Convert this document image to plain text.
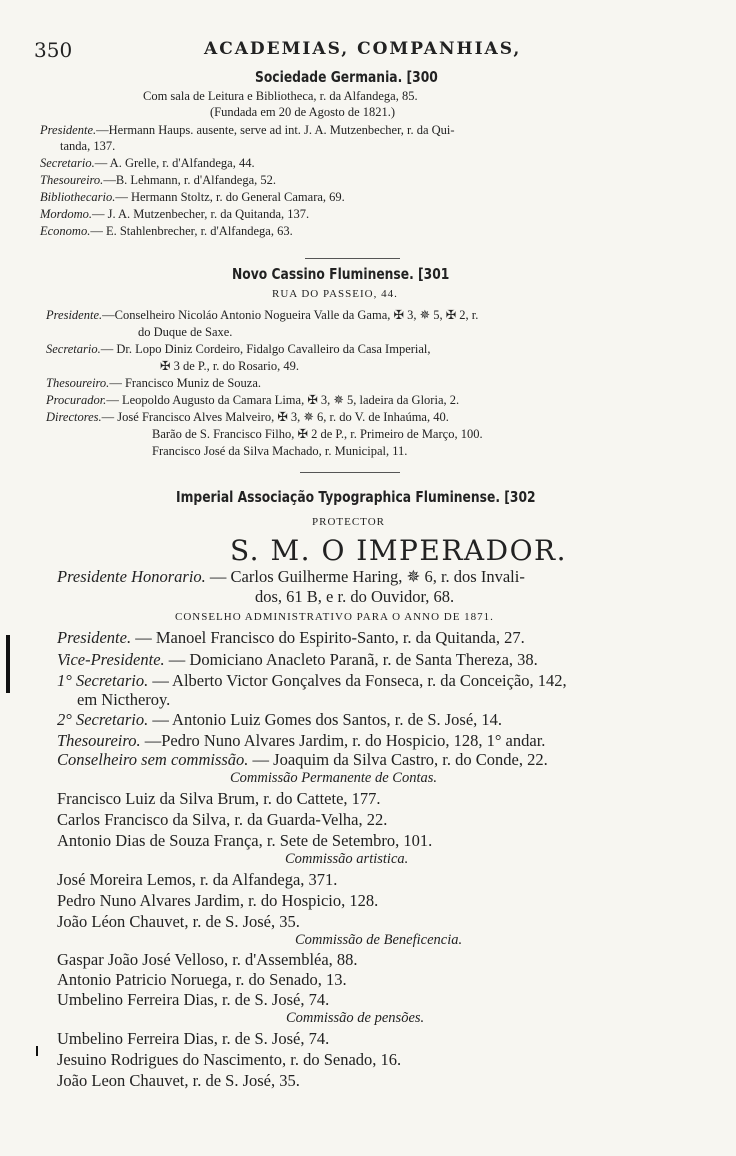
350	ACADEMIAS, COMPANHIAS,
Sociedade Germania. [300
Com sala de Leitura e Bibliotheca, r. da Alfandega, 85.
(Fundada em 20 de Agosto de 1821.)
Presidente.—Hermann Haups. ausente, serve ad int. J. A. Mutzenbecher, r. da Qui-
tanda, 137.
Secretario.— A. Grelle, r. d'Alfandega, 44.
Thesoureiro.—B. Lehmann, r. d'Alfandega, 52.
Bibliothecario.— Hermann Stoltz, r. do General Camara, 69.
Mordomo.— J. A. Mutzenbecher, r. da Quitanda, 137.
Economo.— E. Stahlenbrecher, r. d'Alfandega, 63.
Novo Cassino Fluminense. [301
RUA DO PASSEIO, 44.
Presidente.—Conselheiro Nicoláo Antonio Nogueira Valle da Gama, ✠ 3, ✵ 5, ✠ 2, r.
do Duque de Saxe.
Secretario.— Dr. Lopo Diniz Cordeiro, Fidalgo Cavalleiro da Casa Imperial,
✠ 3 de P., r. do Rosario, 49.
Thesoureiro.— Francisco Muniz de Souza.
Procurador.— Leopoldo Augusto da Camara Lima, ✠ 3, ✵ 5, ladeira da Gloria, 2.
Directores.— José Francisco Alves Malveiro, ✠ 3, ✵ 6, r. do V. de Inhaúma, 40.
Barão de S. Francisco Filho, ✠ 2 de P., r. Primeiro de Março, 100.
Francisco José da Silva Machado, r. Municipal, 11.
Imperial Associação Typographica Fluminense. [302
PROTECTOR
S. M. O IMPERADOR.
Presidente Honorario. — Carlos Guilherme Haring, ✵ 6, r. dos Invali-
dos, 61 B, e r. do Ouvidor, 68.
CONSELHO ADMINISTRATIVO PARA O ANNO DE 1871.
Presidente. — Manoel Francisco do Espirito-Santo, r. da Quitanda, 27.
Vice-Presidente. — Domiciano Anacleto Paranã, r. de Santa Thereza, 38.
1° Secretario. — Alberto Victor Gonçalves da Fonseca, r. da Conceição, 142,
em Nictheroy.
2° Secretario. — Antonio Luiz Gomes dos Santos, r. de S. José, 14.
Thesoureiro. —Pedro Nuno Alvares Jardim, r. do Hospicio, 128, 1° andar.
Conselheiro sem commissão. — Joaquim da Silva Castro, r. do Conde, 22.
Commissão Permanente de Contas.
Francisco Luiz da Silva Brum, r. do Cattete, 177.
Carlos Francisco da Silva, r. da Guarda-Velha, 22.
Antonio Dias de Souza França, r. Sete de Setembro, 101.
Commissão artistica.
José Moreira Lemos, r. da Alfandega, 371.
Pedro Nuno Alvares Jardim, r. do Hospicio, 128.
João Léon Chauvet, r. de S. José, 35.
Commissão de Beneficencia.
Gaspar João José Velloso, r. d'Assembléa, 88.
Antonio Patricio Noruega, r. do Senado, 13.
Umbelino Ferreira Dias, r. de S. José, 74.
Commissão de pensões.
Umbelino Ferreira Dias, r. de S. José, 74.
Jesuino Rodrigues do Nascimento, r. do Senado, 16.
João Leon Chauvet, r. de S. José, 35.
